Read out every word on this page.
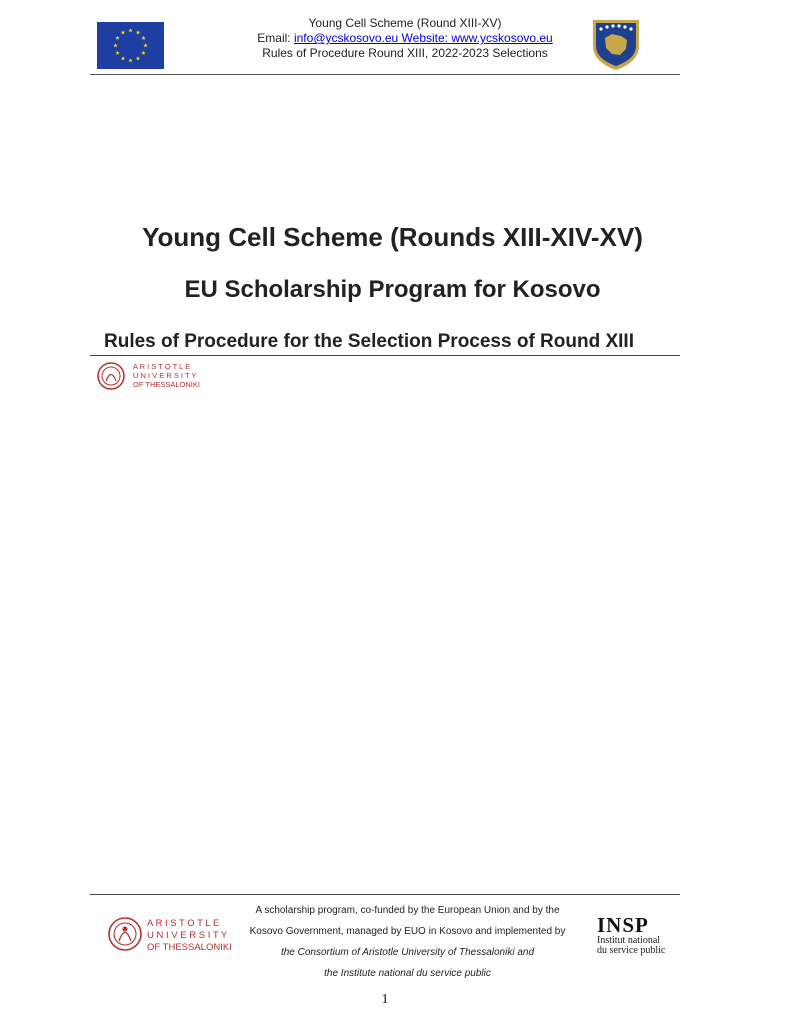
Young Cell Scheme (Round XIII-XV)
Email: info@ycskosovo.eu Website: www.ycskosovo.eu
Rules of Procedure Round XIII, 2022-2023 Selections
Young Cell Scheme (Rounds XIII-XIV-XV)
EU Scholarship Program for Kosovo
Rules of Procedure for the Selection Process of Round XIII
A R I S T O T L E
U N I V E R S I T Y
OF THESSALONIKI
A R I S T O T L E
U N I V E R S I T Y
OF THESSALONIKI
A scholarship program, co-funded by the European Union and by the
Kosovo Government, managed by EUO in Kosovo and implemented by
the Consortium of Aristotle University of Thessaloniki and
the Institute national du service public
INSP
Institut national
du service public
1
